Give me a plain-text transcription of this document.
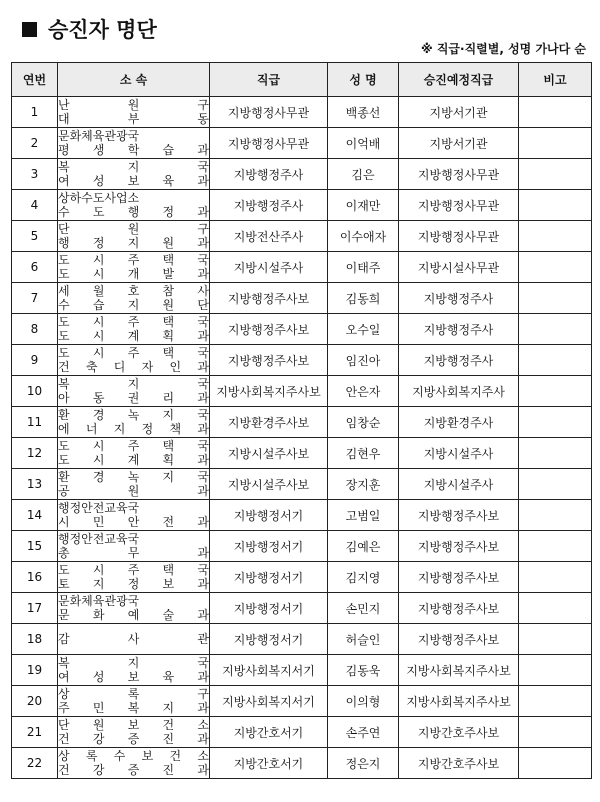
승진자 명단
※ 직급·직렬별, 성명 가나다 순
연번	소 속	직급	성 명	승진예정직급	비고
1	난 원 구
대 부 동	지방행정사무관	백종선	지방서기관	
2	문화체육관광국
평 생 학 습 과	지방행정사무관	이억배	지방서기관	
3	복 지 국
여 성 보 육 과	지방행정주사	김은	지방행정사무관	
4	상하수도사업소
수 도 행 정 과	지방행정주사	이재만	지방행정사무관	
5	단 원 구
행 정 지 원 과	지방전산주사	이수애자	지방행정사무관	
6	도 시 주 택 국
도 시 개 발 과	지방시설주사	이태주	지방시설사무관	
7	세 월 호 참 사
수 습 지 원 단	지방행정주사보	김동희	지방행정주사	
8	도 시 주 택 국
도 시 계 획 과	지방행정주사보	오수일	지방행정주사	
9	도 시 주 택 국
건 축 디 자 인 과	지방행정주사보	임진아	지방행정주사	
10	복 지 국
아 동 권 리 과	지방사회복지주사보	안은자	지방사회복지주사	
11	환 경 녹 지 국
에 너 지 정 책 과	지방환경주사보	임창순	지방환경주사	
12	도 시 주 택 국
도 시 계 획 과	지방시설주사보	김현우	지방시설주사	
13	환 경 녹 지 국
공 원 과	지방시설주사보	장지훈	지방시설주사	
14	행정안전교육국
시 민 안 전 과	지방행정서기	고범일	지방행정주사보	
15	행정안전교육국
총 무 과	지방행정서기	김예은	지방행정주사보	
16	도 시 주 택 국
토 지 정 보 과	지방행정서기	김지영	지방행정주사보	
17	문화체육관광국
문 화 예 술 과	지방행정서기	손민지	지방행정주사보	
18	감 사 관	지방행정서기	허슬인	지방행정주사보	
19	복 지 국
여 성 보 육 과	지방사회복지서기	김동욱	지방사회복지주사보	
20	상 록 구
주 민 복 지 과	지방사회복지서기	이의형	지방사회복지주사보	
21	단 원 보 건 소
건 강 증 진 과	지방간호서기	손주연	지방간호주사보	
22	상 록 수 보 건 소
건 강 증 진 과	지방간호서기	정은지	지방간호주사보	
